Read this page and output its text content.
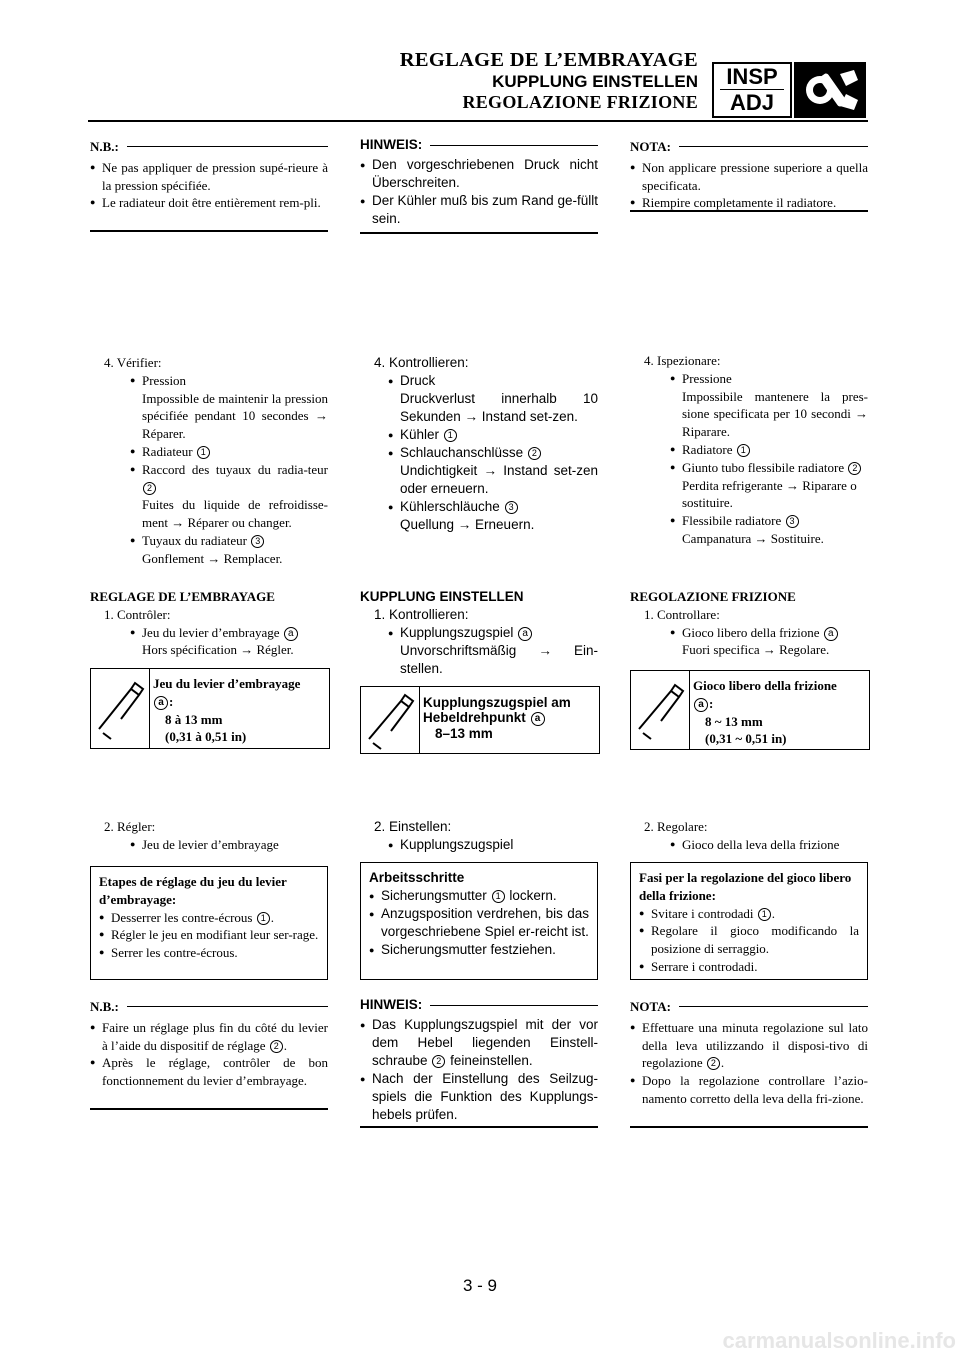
REGLAGE DE L’EMBRAYAGE
KUPPLUNG EINSTELLEN
REGOLAZIONE FRIZIONE
INSP
ADJ
N.B.:
● Ne pas appliquer de pression supé-rieure à la pression spécifiée.
● Le radiateur doit être entièrement rem-pli.
4. Vérifier:
● Pression
Impossible de maintenir la pression spécifiée pendant 10 secondes → Réparer.
● Radiateur 1
● Raccord des tuyaux du radia-teur 2
Fuites du liquide de refroidisse-ment → Réparer ou changer.
● Tuyaux du radiateur 3
Gonflement → Remplacer.
REGLAGE DE L’EMBRAYAGE
1. Contrôler:
● Jeu du levier d’embrayage a
Hors spécification → Régler.
Jeu du levier d’embrayage
a :
8 à 13 mm
(0,31 à 0,51 in)
2. Régler:
● Jeu de levier d’embrayage
Etapes de réglage du jeu du levier d’embrayage:
● Desserrer les contre-écrous 1 .
● Régler le jeu en modifiant leur ser-rage.
● Serrer les contre-écrous.
N.B.:
● Faire un réglage plus fin du côté du levier à l’aide du dispositif de réglage 2 .
● Après le réglage, contrôler de bon fonctionnement du levier d’embrayage.
HINWEIS:
● Den vorgeschriebenen Druck nicht Überschreiten.
● Der Kühler muß bis zum Rand ge-füllt sein.
4. Kontrollieren:
● Druck
Druckverlust innerhalb 10 Sekunden → Instand set-zen.
● Kühler 1
● Schlauchanschlüsse 2
Undichtigkeit → Instand set-zen oder erneuern.
● Kühlerschläuche 3
Quellung → Erneuern.
KUPPLUNG EINSTELLEN
1. Kontrollieren:
● Kupplungszugspiel a
Unvorschriftsmäßig → Ein-stellen.
Kupplungszugspiel am Hebeldrehpunkt a
8–13 mm
2. Einstellen:
● Kupplungszugspiel
Arbeitsschritte
● Sicherungsmutter 1 lockern.
● Anzugsposition verdrehen, bis das vorgeschriebene Spiel er-reicht ist.
● Sicherungsmutter festziehen.
HINWEIS:
● Das Kupplungszugspiel mit der vor dem Hebel liegenden Einstell-schraube 2 feineinstellen.
● Nach der Einstellung des Seilzug-spiels die Funktion des Kupplungs-hebels prüfen.
NOTA:
● Non applicare pressione superiore a quella specificata.
● Riempire completamente il radiatore.
4. Ispezionare:
● Pressione
Impossibile mantenere la pres-sione specificata per 10 secondi → Riparare.
● Radiatore 1
● Giunto tubo flessibile radiatore 2
Perdita refrigerante → Riparare o sostituire.
● Flessibile radiatore 3
Campanatura → Sostituire.
REGOLAZIONE FRIZIONE
1. Controllare:
● Gioco libero della frizione a
Fuori specifica → Regolare.
Gioco libero della frizione
a :
8 ~ 13 mm
(0,31 ~ 0,51 in)
2. Regolare:
● Gioco della leva della frizione
Fasi per la regolazione del gioco libero della frizione:
● Svitare i controdadi 1 .
● Regolare il gioco modificando la posizione di serraggio.
● Serrare i controdadi.
NOTA:
● Effettuare una minuta regolazione sul lato della leva utilizzando il disposi-tivo di regolazione 2 .
● Dopo la regolazione controllare l’azio-namento corretto della leva della fri-zione.
3 - 9
carmanualsonline.info
